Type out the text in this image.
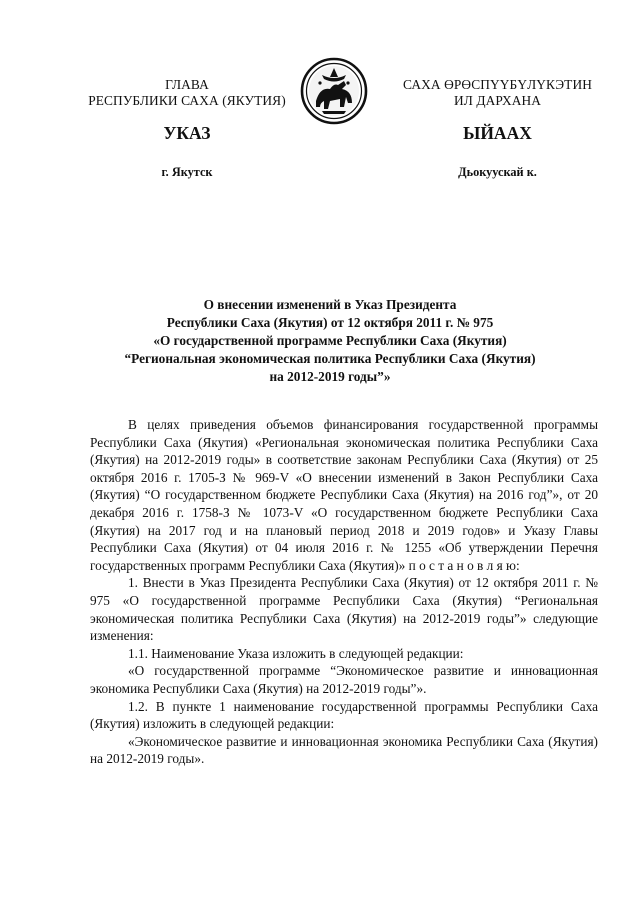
ГЛАВА
РЕСПУБЛИКИ САХА (ЯКУТИЯ)
САХА ӨРӨСПҮҮБҮЛҮКЭТИН
ИЛ ДАРХАНА
УКАЗ	ЫЙААХ
г. Якутск	Дьокуускай к.
О внесении изменений в Указ Президента
Республики Саха (Якутия) от 12 октября 2011 г. № 975
«О государственной программе Республики Саха (Якутия)
“Региональная экономическая политика Республики Саха (Якутия)
на 2012-2019 годы”»

В целях приведения объемов финансирования государственной программы Республики Саха (Якутия) «Региональная экономическая политика Республики Саха (Якутия) на 2012-2019 годы» в соответствие законам Республики Саха (Якутия) от 25 октября 2016 г. 1705-З № 969-V «О внесении изменений в Закон Республики Саха (Якутия) “О государственном бюджете Республики Саха (Якутия) на 2016 год”», от 20 декабря 2016 г. 1758-З № 1073-V «О государственном бюджете Республики Саха (Якутия) на 2017 год и на плановый период 2018 и 2019 годов» и Указу Главы Республики Саха (Якутия) от 04 июля 2016 г. № 1255 «Об утверждении Перечня государственных программ Республики Саха (Якутия)» п о с т а н о в л я ю:

1. Внести в Указ Президента Республики Саха (Якутия) от 12 октября 2011 г. № 975 «О государственной программе Республики Саха (Якутия) “Региональная экономическая политика Республики Саха (Якутия) на 2012-2019 годы”» следующие изменения:

1.1. Наименование Указа изложить в следующей редакции:

«О государственной программе “Экономическое развитие и инновационная экономика Республики Саха (Якутия) на 2012-2019 годы”».

1.2. В пункте 1 наименование государственной программы Республики Саха (Якутия) изложить в следующей редакции:

«Экономическое развитие и инновационная экономика Республики Саха (Якутия) на 2012-2019 годы».
